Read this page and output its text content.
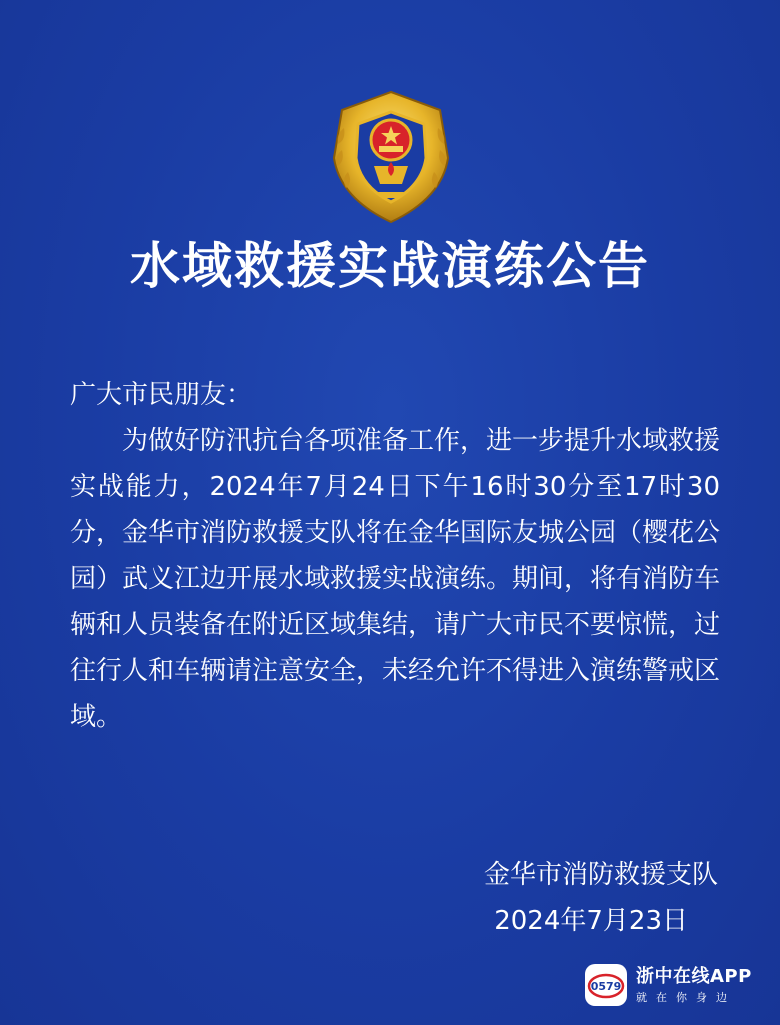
水域救援实战演练公告

广大市民朋友：

为做好防汛抗台各项准备工作，进一步提升水域救援实战能力，2024年7月24日下午16时30分至17时30分，金华市消防救援支队将在金华国际友城公园（樱花公园）武义江边开展水域救援实战演练。期间，将有消防车辆和人员装备在附近区域集结，请广大市民不要惊慌，过往行人和车辆请注意安全，未经允许不得进入演练警戒区域。

金华市消防救援支队
2024年7月23日
0579 浙中在线APP
就在你身边
